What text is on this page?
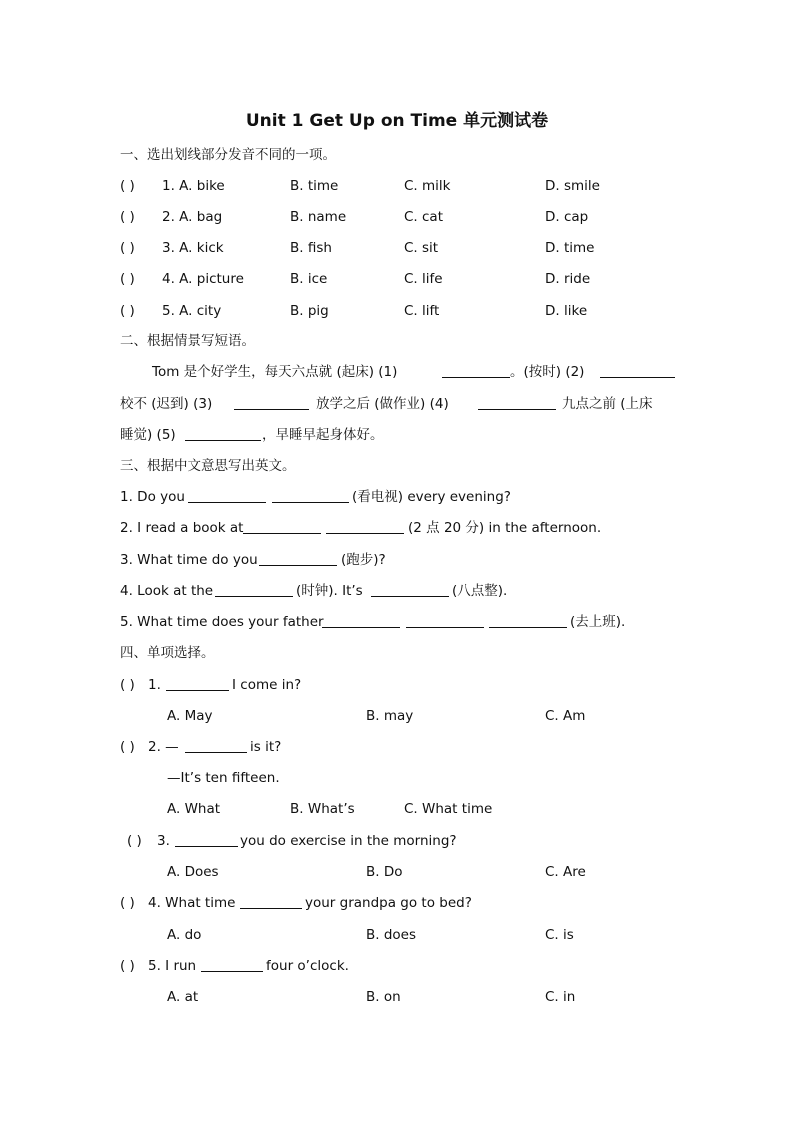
Unit 1 Get Up on Time 单元测试卷
一、选出划线部分发音不同的一项。
( ) 1. A. bike	B. time	C. milk	D. smile
( ) 2. A. bag	B. name	C. cat	D. cap
( ) 3. A. kick	B. fish	C. sit	D. time
( ) 4. A. picture	B. ice	C. life	D. ride
( ) 5. A. city	B. pig	C. lift	D. like
二、根据情景写短语。
Tom 是个好学生，每天六点就 (起床) (1)	。(按时) (2)
校不 (迟到) (3)	放学之后 (做作业) (4)	九点之前 (上床
睡觉) (5)	，早睡早起身体好。
三、根据中文意思写出英文。
1. Do you	(看电视) every evening?
2. I read a book at	(2 点 20 分) in the afternoon.
3. What time do you	(跑步)?
4. Look at the	(时钟). It’s	(八点整).
5. What time does your father	(去上班).
四、单项选择。
( ) 1.	I come in?
A. May	B. may	C. Am
( ) 2. —	is it?
—It’s ten fifteen.
A. What	B. What’s	C. What time
( ) 3.	you do exercise in the morning?
A. Does	B. Do	C. Are
( ) 4. What time	your grandpa go to bed?
A. do	B. does	C. is
( ) 5. I run	four o’clock.
A. at	B. on	C. in
